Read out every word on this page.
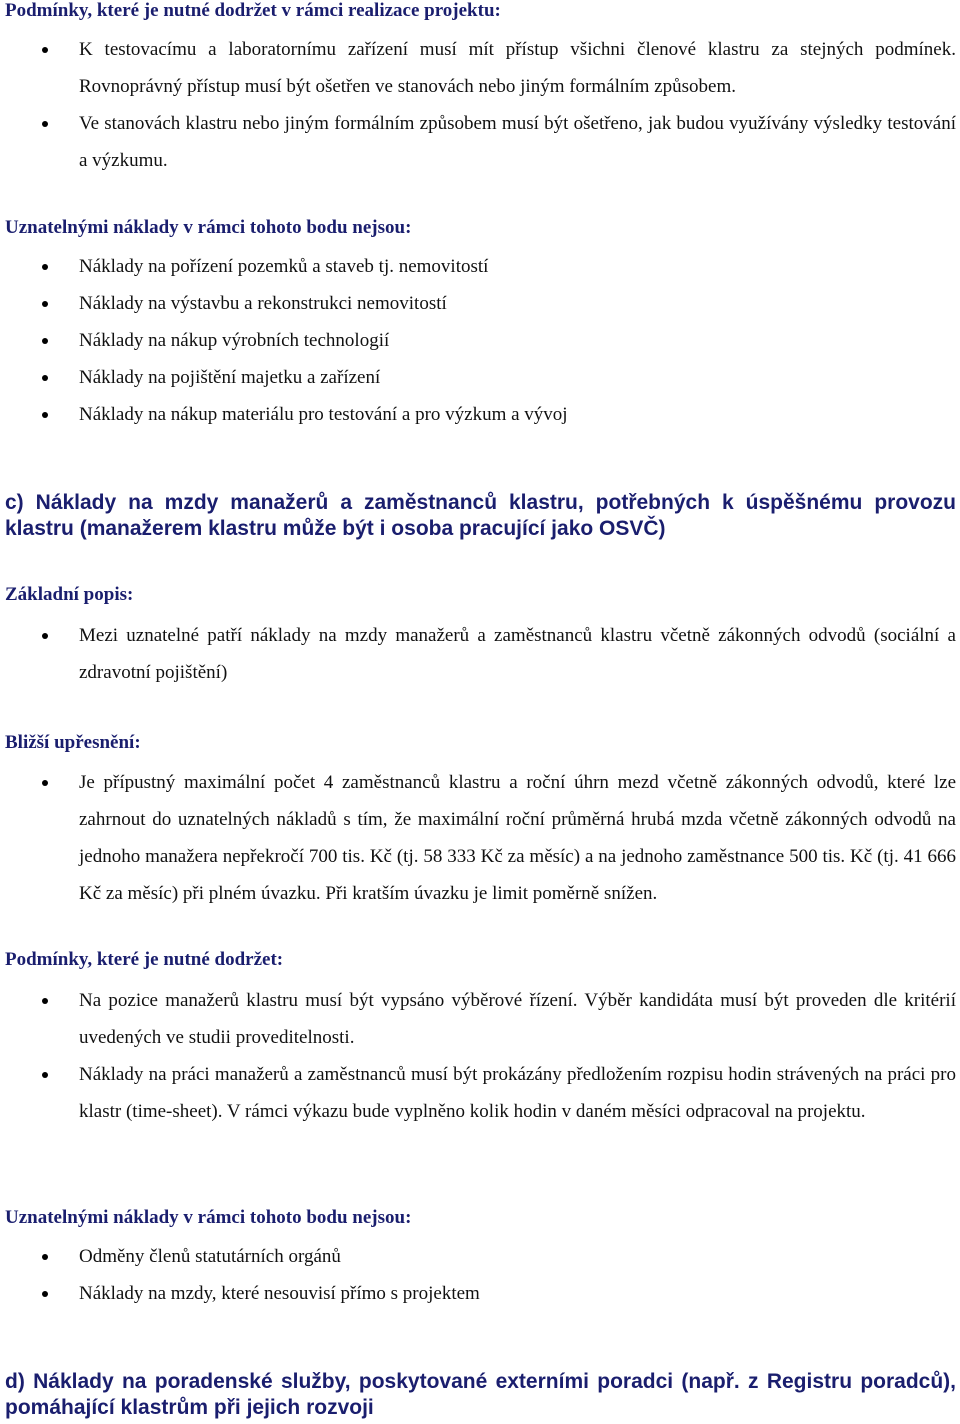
Podmínky, které je nutné dodržet v rámci realizace projektu:

K testovacímu a laboratornímu zařízení musí mít přístup všichni členové klastru za stejných podmínek. Rovnoprávný přístup musí být ošetřen ve stanovách nebo jiným formálním způsobem.
Ve stanovách klastru nebo jiným formálním způsobem musí být ošetřeno, jak budou využívány výsledky testování a výzkumu.

Uznatelnými náklady v rámci tohoto bodu nejsou:

Náklady na pořízení pozemků a staveb tj. nemovitostí
Náklady na výstavbu a rekonstrukci nemovitostí
Náklady na nákup výrobních technologií
Náklady na pojištění majetku a zařízení
Náklady na nákup materiálu pro testování a pro výzkum a vývoj

c) Náklady na mzdy manažerů a zaměstnanců klastru, potřebných k úspěšnému provozu klastru (manažerem klastru může být i osoba pracující jako OSVČ)

Základní popis:

Mezi uznatelné patří náklady na mzdy manažerů a zaměstnanců klastru včetně zákonných odvodů (sociální a zdravotní pojištění)

Bližší upřesnění:

Je přípustný maximální počet 4 zaměstnanců klastru a roční úhrn mezd včetně zákonných odvodů, které lze zahrnout do uznatelných nákladů s tím, že maximální roční průměrná hrubá mzda včetně zákonných odvodů na jednoho manažera nepřekročí 700 tis. Kč (tj. 58 333 Kč za měsíc) a na jednoho zaměstnance 500 tis. Kč (tj. 41 666 Kč za měsíc) při plném úvazku. Při kratším úvazku je limit poměrně snížen.

Podmínky, které je nutné dodržet:

Na pozice manažerů klastru musí být vypsáno výběrové řízení. Výběr kandidáta musí být proveden dle kritérií uvedených ve studii proveditelnosti.
Náklady na práci manažerů a zaměstnanců musí být prokázány předložením rozpisu hodin strávených na práci pro klastr (time-sheet). V rámci výkazu bude vyplněno kolik hodin v daném měsíci odpracoval na projektu.

Uznatelnými náklady v rámci tohoto bodu nejsou:

Odměny členů statutárních orgánů
Náklady na mzdy, které nesouvisí přímo s projektem

d) Náklady na poradenské služby, poskytované externími poradci (např. z Registru poradců), pomáhající klastrům při jejich rozvoji
